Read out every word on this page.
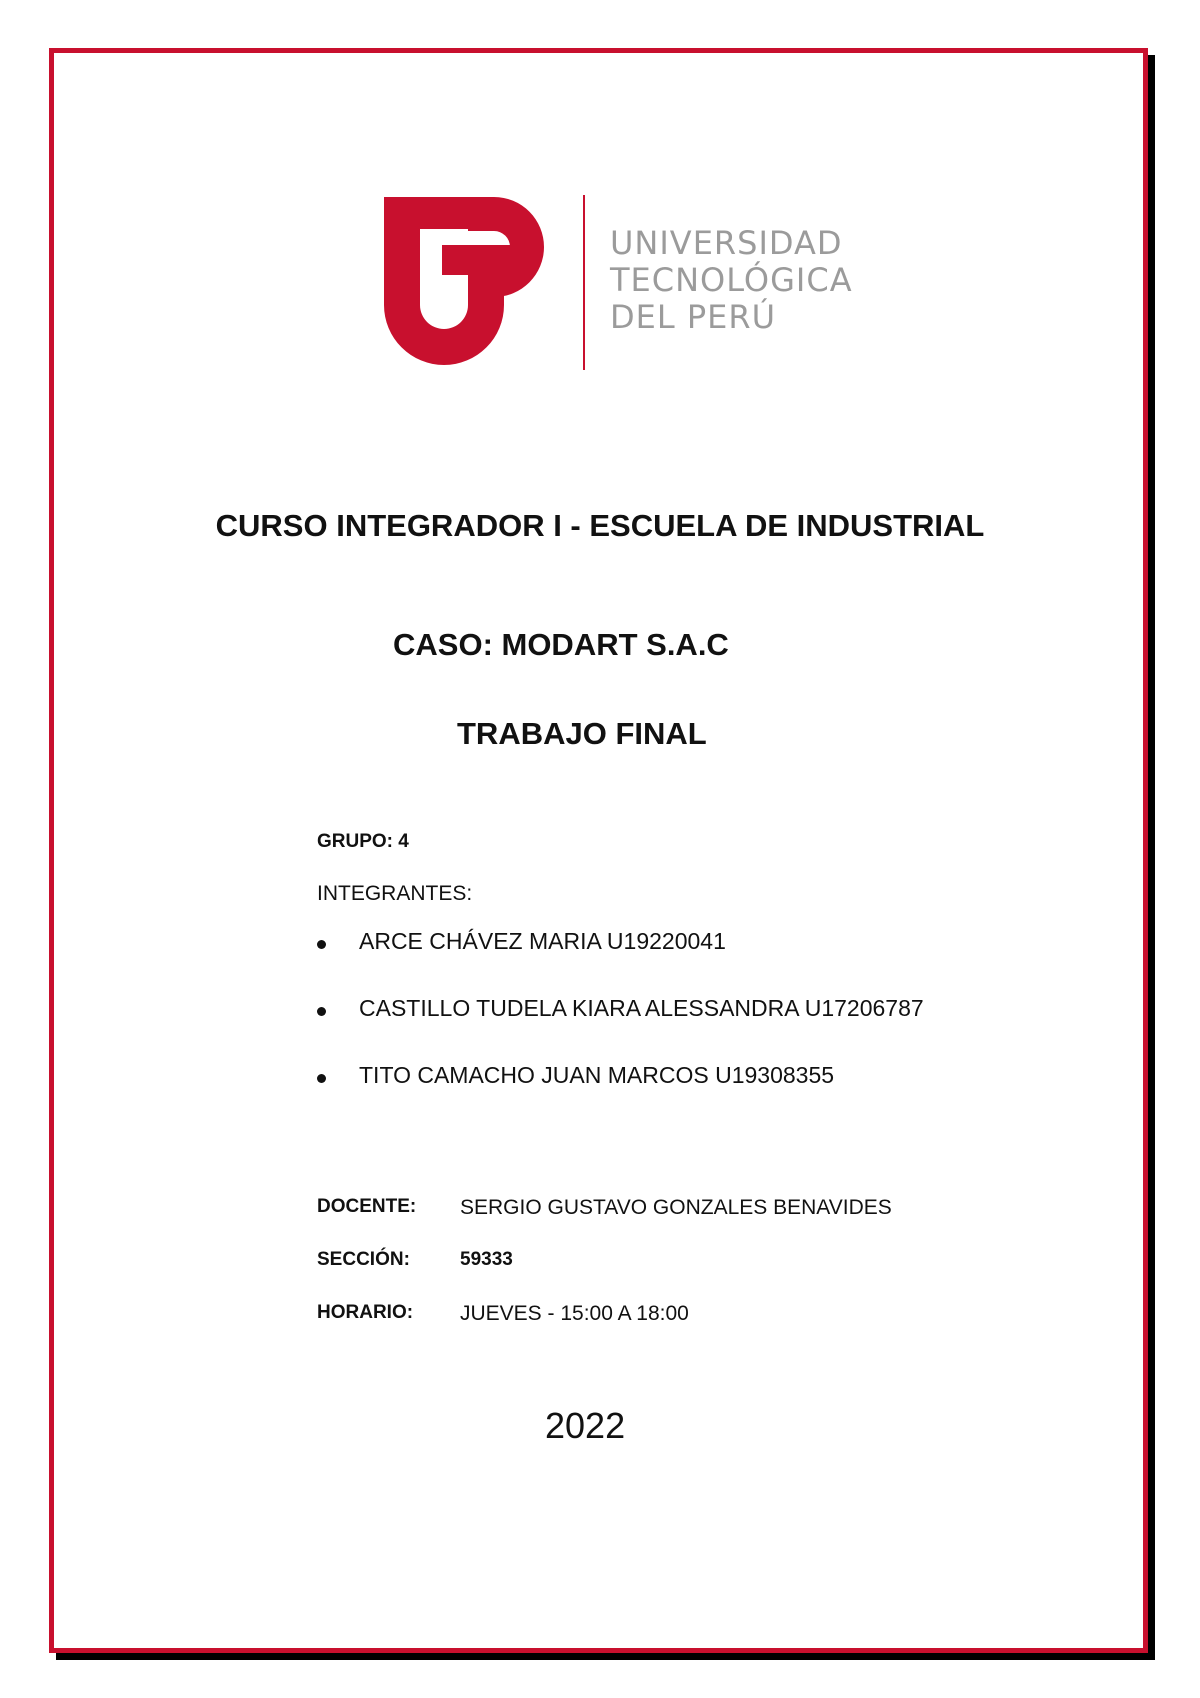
UNIVERSIDAD
TECNOLÓGICA
DEL PERÚ
CURSO INTEGRADOR I - ESCUELA DE INDUSTRIAL
CASO: MODART S.A.C
TRABAJO FINAL
GRUPO: 4
INTEGRANTES:
ARCE CHÁVEZ MARIA U19220041
CASTILLO TUDELA KIARA ALESSANDRA U17206787
TITO CAMACHO JUAN MARCOS U19308355
DOCENTE: SERGIO GUSTAVO GONZALES BENAVIDES
SECCIÓN:	59333
HORARIO: JUEVES - 15:00 A 18:00
2022
